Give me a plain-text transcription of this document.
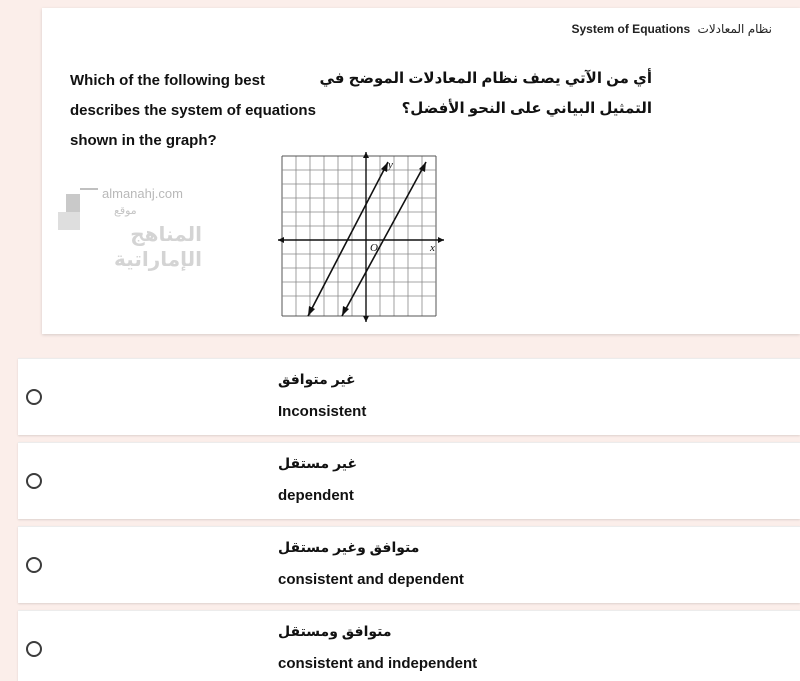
نظام المعادلات System of Equations
Which of the following best
describes the system of equations
shown in the graph?
أي من الآتي يصف نظام المعادلات الموضح في
التمثيل البياني على النحو الأفضل؟
almanahj.com
موقع
المناهج الإماراتية
y
x
O
غير متوافق
Inconsistent
غير مستقل
dependent
متوافق وغير مستقل
consistent and dependent
متوافق ومستقل
consistent and independent
